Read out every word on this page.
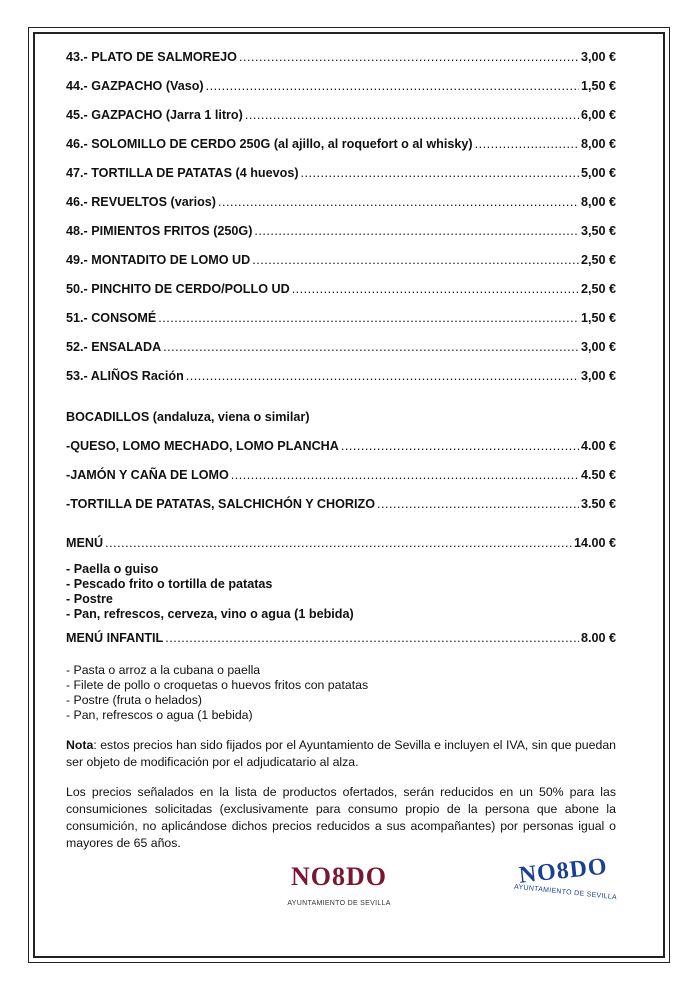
43.- PLATO DE SALMOREJO .....	3,00 €
44.- GAZPACHO (Vaso) .....	1,50 €
45.- GAZPACHO (Jarra 1 litro) .....	6,00 €
46.- SOLOMILLO DE CERDO 250G (al ajillo, al roquefort o al whisky) .....	8,00 €
47.- TORTILLA DE PATATAS (4 huevos) .....	5,00 €
46.- REVUELTOS (varios) .....	8,00 €
48.- PIMIENTOS FRITOS (250G) .....	3,50 €
49.- MONTADITO DE LOMO UD .....	2,50 €
50.- PINCHITO DE CERDO/POLLO UD .....	2,50 €
51.- CONSOMÉ .....	1,50 €
52.- ENSALADA .....	3,00 €
53.- ALIÑOS Ración .....	3,00 €
BOCADILLOS (andaluza, viena o similar)
-QUESO, LOMO MECHADO, LOMO PLANCHA .....	4.00 €
-JAMÓN Y CAÑA DE LOMO .....	4.50 €
-TORTILLA DE PATATAS, SALCHICHÓN Y CHORIZO .....	3.50 €
MENÚ .....	14.00 €
- Paella o guiso
- Pescado frito o tortilla de patatas
- Postre
- Pan, refrescos, cerveza, vino o agua (1 bebida)
MENÚ INFANTIL .....	8.00 €
- Pasta o arroz a la cubana o paella
- Filete de pollo o croquetas o huevos fritos con patatas
- Postre (fruta o helados)
- Pan, refrescos o agua (1 bebida)

Nota: estos precios han sido fijados por el Ayuntamiento de Sevilla e incluyen el IVA, sin que puedan ser objeto de modificación por el adjudicatario al alza.

Los precios señalados en la lista de productos ofertados, serán reducidos en un 50% para las consumiciones solicitadas (exclusivamente para consumo propio de la persona que abone la consumición, no aplicándose dichos precios reducidos a sus acompañantes) por personas igual o mayores de 65 años.

NO8DO
AYUNTAMIENTO DE SEVILLA
NO8DO
AYUNTAMIENTO DE SEVILLA
